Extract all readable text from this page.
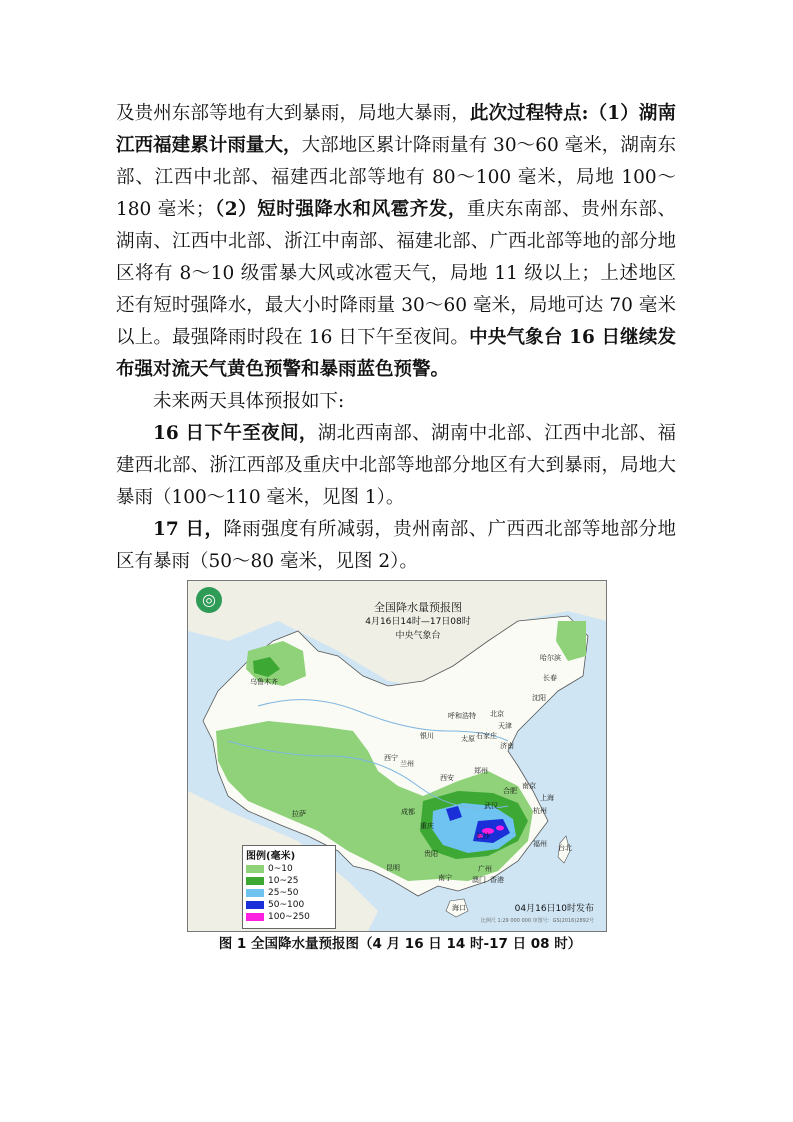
及贵州东部等地有大到暴雨，局地大暴雨，此次过程特点:（1）湖南江西福建累计雨量大，大部地区累计降雨量有 30～60 毫米，湖南东部、江西中北部、福建西北部等地有 80～100 毫米，局地 100～180 毫米；（2）短时强降水和风雹齐发，重庆东南部、贵州东部、湖南、江西中北部、浙江中南部、福建北部、广西北部等地的部分地区将有 8～10 级雷暴大风或冰雹天气，局地 11 级以上；上述地区还有短时强降水，最大小时降雨量 30～60 毫米，局地可达 70 毫米以上。最强降雨时段在 16 日下午至夜间。中央气象台 16 日继续发布强对流天气黄色预警和暴雨蓝色预警。

未来两天具体预报如下:

16 日下午至夜间，湖北西南部、湖南中北部、江西中北部、福建西北部、浙江西部及重庆中北部等地部分地区有大到暴雨，局地大暴雨（100～110 毫米，见图 1）。

17 日，降雨强度有所减弱，贵州南部、广西西北部等地部分地区有暴雨（50～80 毫米，见图 2）。

◎	全国降水量预报图
4月16日14时—17日08时
中央气象台
乌鲁木齐
哈尔滨
长春
沈阳
北京
天津
呼和浩特
太原 石家庄
济南
银川
西宁
兰州
西安
郑州
合肥
南京
上海
杭州
武汉
成都
重庆
长沙
拉萨
贵阳
昆明
福州 台北
南宁
广州
澳门 香港
海口
图例(毫米)
0~10
10~25
25~50
50~100
100~250
04月16日10时发布
比例尺 1:29 000 000 审图号：GS(2016)2892号
图 1 全国降水量预报图（4 月 16 日 14 时-17 日 08 时）
